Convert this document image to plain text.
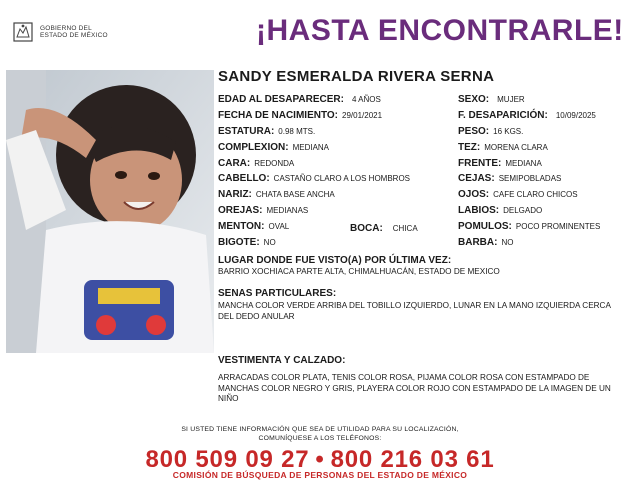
GOBIERNO DEL
ESTADO DE MÉXICO	¡HASTA ENCONTRARLE!
SANDY ESMERALDA RIVERA SERNA
EDAD AL DESAPARECER: 4 AÑOS
FECHA DE NACIMIENTO: 29/01/2021
ESTATURA: 0.98 MTS.
COMPLEXION: MEDIANA
CARA: REDONDA
CABELLO: CASTAÑO CLARO A LOS HOMBROS
NARIZ: CHATA BASE ANCHA
OREJAS: MEDIANAS
MENTON: OVAL	BOCA: CHICA
BIGOTE: NO
SEXO: MUJER
F. DESAPARICIÓN: 10/09/2025
PESO: 16 KGS.
TEZ: MORENA CLARA
FRENTE: MEDIANA
CEJAS: SEMIPOBLADAS
OJOS: CAFE CLARO CHICOS
LABIOS: DELGADO
POMULOS: POCO PROMINENTES
BARBA: NO
LUGAR DONDE FUE VISTO(A) POR ÚLTIMA VEZ:
BARRIO XOCHIACA PARTE ALTA, CHIMALHUACÁN, ESTADO DE MEXICO
SENAS PARTICULARES:
MANCHA COLOR VERDE ARRIBA DEL TOBILLO IZQUIERDO, LUNAR EN LA MANO IZQUIERDA CERCA DEL DEDO ANULAR
VESTIMENTA Y CALZADO:
ARRACADAS COLOR PLATA, TENIS COLOR ROSA, PIJAMA COLOR ROSA CON ESTAMPADO DE MANCHAS COLOR NEGRO Y GRIS, PLAYERA COLOR ROJO CON ESTAMPADO DE LA IMAGEN DE UN NIÑO
SI USTED TIENE INFORMACIÓN QUE SEA DE UTILIDAD PARA SU LOCALIZACIÓN,
COMUNÍQUESE A LOS TELÉFONOS:
800 509 09 27 • 800 216 03 61
COMISIÓN DE BÚSQUEDA DE PERSONAS DEL ESTADO DE MÉXICO
